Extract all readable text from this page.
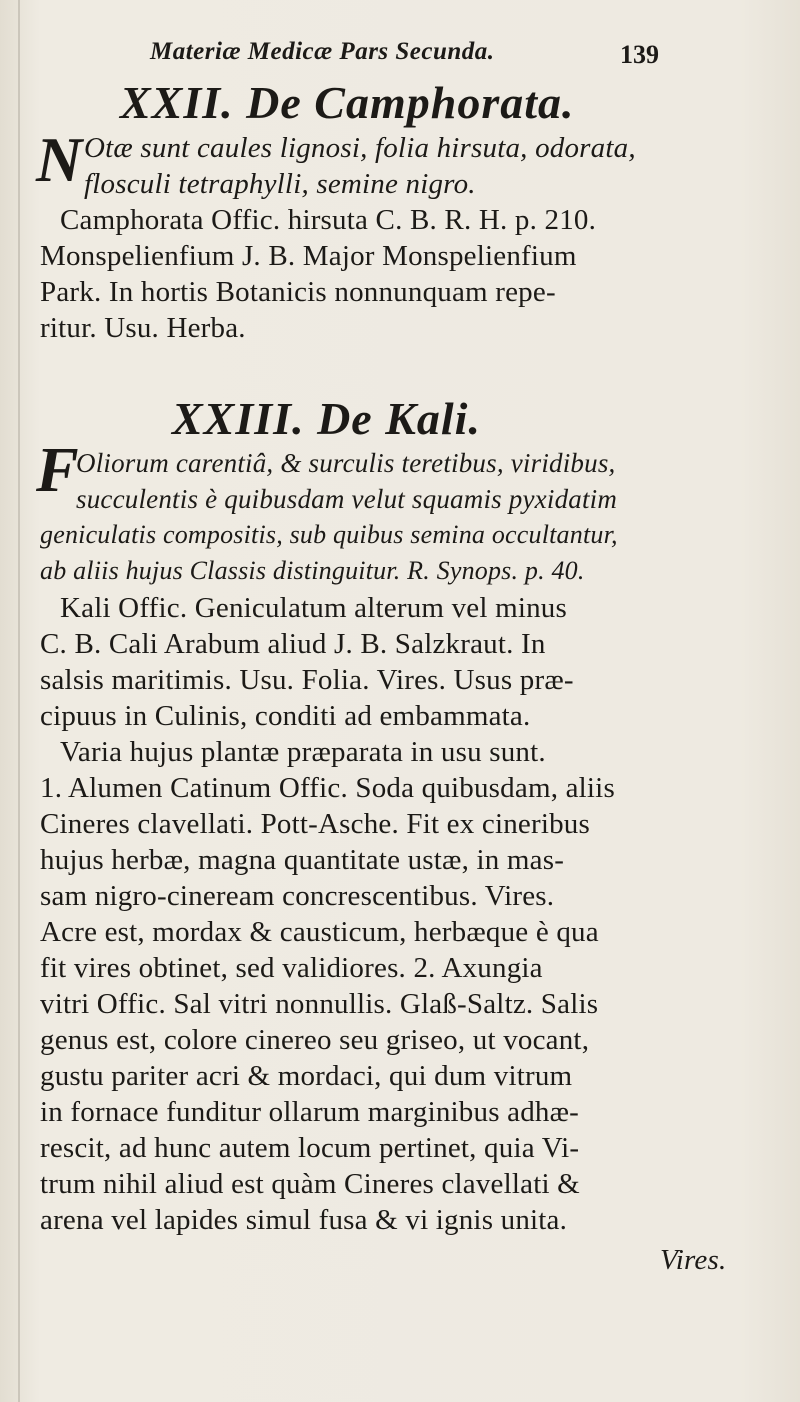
Materiæ Medicæ Pars Secunda.	139
XXII. De Camphorata.
N Otæ sunt caules lignosi, folia hirsuta, odorata,
flosculi tetraphylli, semine nigro.
Camphorata Offic. hirsuta C. B. R. H. p. 210.
Monspelienfium J. B. Major Monspelienfium
Park. In hortis Botanicis nonnunquam repe-
ritur. Usu. Herba.
XXIII. De Kali.
F
Oliorum carentiâ, & surculis teretibus, viridibus,
succulentis è quibusdam velut squamis pyxidatim
geniculatis compositis, sub quibus semina occultantur,
ab aliis hujus Classis distinguitur. R. Synops. p. 40.
Kali Offic. Geniculatum alterum vel minus
C. B. Cali Arabum aliud J. B. Salzkraut. In
salsis maritimis. Usu. Folia. Vires. Usus præ-
cipuus in Culinis, conditi ad embammata.
Varia hujus plantæ præparata in usu sunt.
1. Alumen Catinum Offic. Soda quibusdam, aliis
Cineres clavellati. Pott-Asche. Fit ex cineribus
hujus herbæ, magna quantitate ustæ, in mas-
sam nigro-cineream concrescentibus. Vires.
Acre est, mordax & causticum, herbæque è qua
fit vires obtinet, sed validiores. 2. Axungia
vitri Offic. Sal vitri nonnullis. Glaß-Saltz. Salis
genus est, colore cinereo seu griseo, ut vocant,
gustu pariter acri & mordaci, qui dum vitrum
in fornace funditur ollarum marginibus adhæ-
rescit, ad hunc autem locum pertinet, quia Vi-
trum nihil aliud est quàm Cineres clavellati &
arena vel lapides simul fusa & vi ignis unita.
Vires.
